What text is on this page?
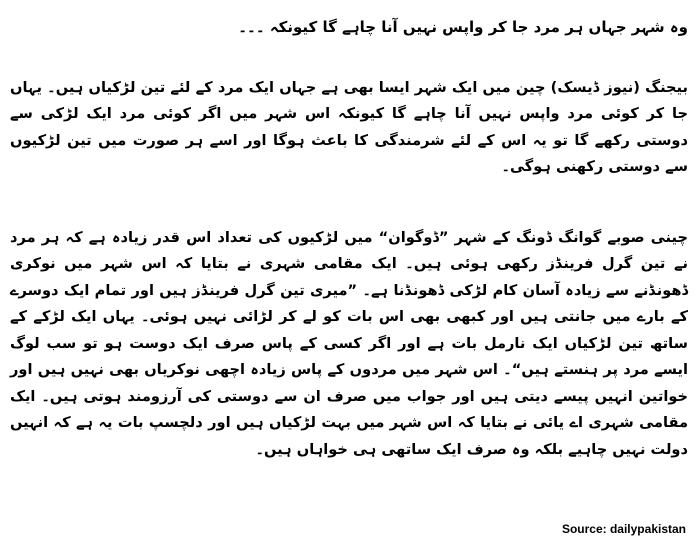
وہ شہر جہاں ہر مرد جا کر واپس نہیں آنا چاہے گا کیونکہ ۔۔۔

بیجنگ (نیوز ڈیسک) چین میں ایک شہر ایسا بھی ہے جہاں ایک مرد کے لئے تین لڑکیاں ہیں۔ یہاں جا کر کوئی مرد واپس نہیں آنا چاہے گا کیونکہ اس شہر میں اگر کوئی مرد ایک لڑکی سے دوستی رکھے گا تو یہ اس کے لئے شرمندگی کا باعث ہوگا اور اسے ہر صورت میں تین لڑکیوں سے دوستی رکھنی ہوگی۔

چینی صوبے گوانگ ڈونگ کے شہر ”ڈوگوان“ میں لڑکیوں کی تعداد اس قدر زیادہ ہے کہ ہر مرد نے تین گرل فرینڈز رکھی ہوئی ہیں۔ ایک مقامی شہری نے بتایا کہ اس شہر میں نوکری ڈھونڈنے سے زیادہ آسان کام لڑکی ڈھونڈنا ہے۔ ”میری تین گرل فرینڈز ہیں اور تمام ایک دوسرے کے بارے میں جانتی ہیں اور کبھی بھی اس بات کو لے کر لڑائی نہیں ہوئی۔ یہاں ایک لڑکے کے ساتھ تین لڑکیاں ایک نارمل بات ہے اور اگر کسی کے پاس صرف ایک دوست ہو تو سب لوگ ایسے مرد پر ہنستے ہیں“۔ اس شہر میں مردوں کے پاس زیادہ اچھی نوکریاں بھی نہیں ہیں اور خواتین انہیں پیسے دیتی ہیں اور جواب میں صرف ان سے دوستی کی آرزومند ہوتی ہیں۔ ایک مقامی شہری اے یائی نے بتایا کہ اس شہر میں بہت لڑکیاں ہیں اور دلچسپ بات یہ ہے کہ انہیں دولت نہیں چاہیے بلکہ وہ صرف ایک ساتھی ہی خواہاں ہیں۔

Source: dailypakistan
